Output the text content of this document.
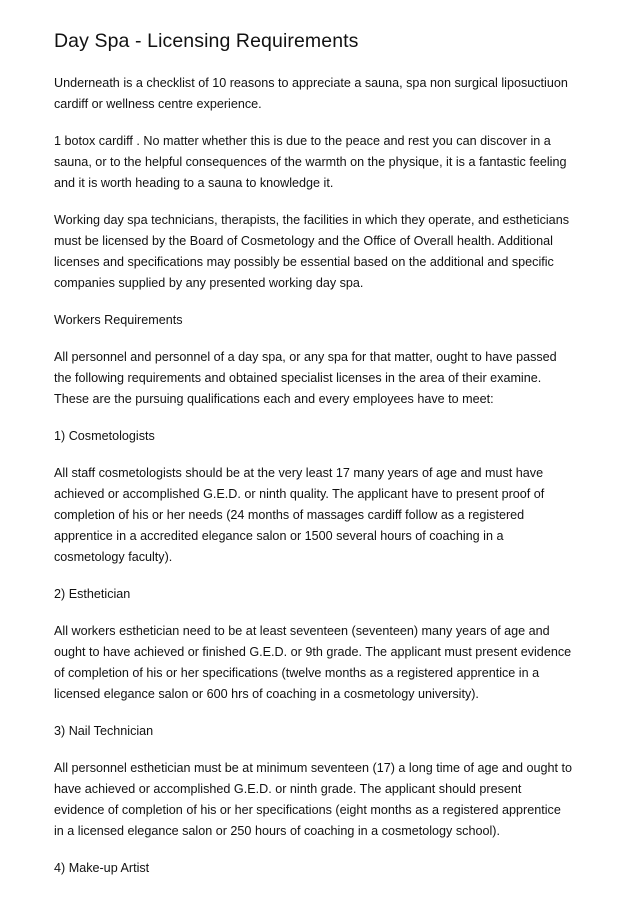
Day Spa - Licensing Requirements

Underneath is a checklist of 10 reasons to appreciate a sauna, spa non surgical liposuctiuon
cardiff or wellness centre experience.

1 botox cardiff . No matter whether this is due to the peace and rest you can discover in a
sauna, or to the helpful consequences of the warmth on the physique, it is a fantastic feeling
and it is worth heading to a sauna to knowledge it.

Working day spa technicians, therapists, the facilities in which they operate, and estheticians
must be licensed by the Board of Cosmetology and the Office of Overall health. Additional
licenses and specifications may possibly be essential based on the additional and specific
companies supplied by any presented working day spa.

Workers Requirements

All personnel and personnel of a day spa, or any spa for that matter, ought to have passed
the following requirements and obtained specialist licenses in the area of their examine.
These are the pursuing qualifications each and every employees have to meet:

1) Cosmetologists

All staff cosmetologists should be at the very least 17 many years of age and must have
achieved or accomplished G.E.D. or ninth quality. The applicant have to present proof of
completion of his or her needs (24 months of massages cardiff follow as a registered
apprentice in a accredited elegance salon or 1500 several hours of coaching in a
cosmetology faculty).

2) Esthetician

All workers esthetician need to be at least seventeen (seventeen) many years of age and
ought to have achieved or finished G.E.D. or 9th grade. The applicant must present evidence
of completion of his or her specifications (twelve months as a registered apprentice in a
licensed elegance salon or 600 hrs of coaching in a cosmetology university).

3) Nail Technician

All personnel esthetician must be at minimum seventeen (17) a long time of age and ought to
have achieved or accomplished G.E.D. or ninth grade. The applicant should present
evidence of completion of his or her specifications (eight months as a registered apprentice
in a licensed elegance salon or 250 hours of coaching in a cosmetology school).

4) Make-up Artist
